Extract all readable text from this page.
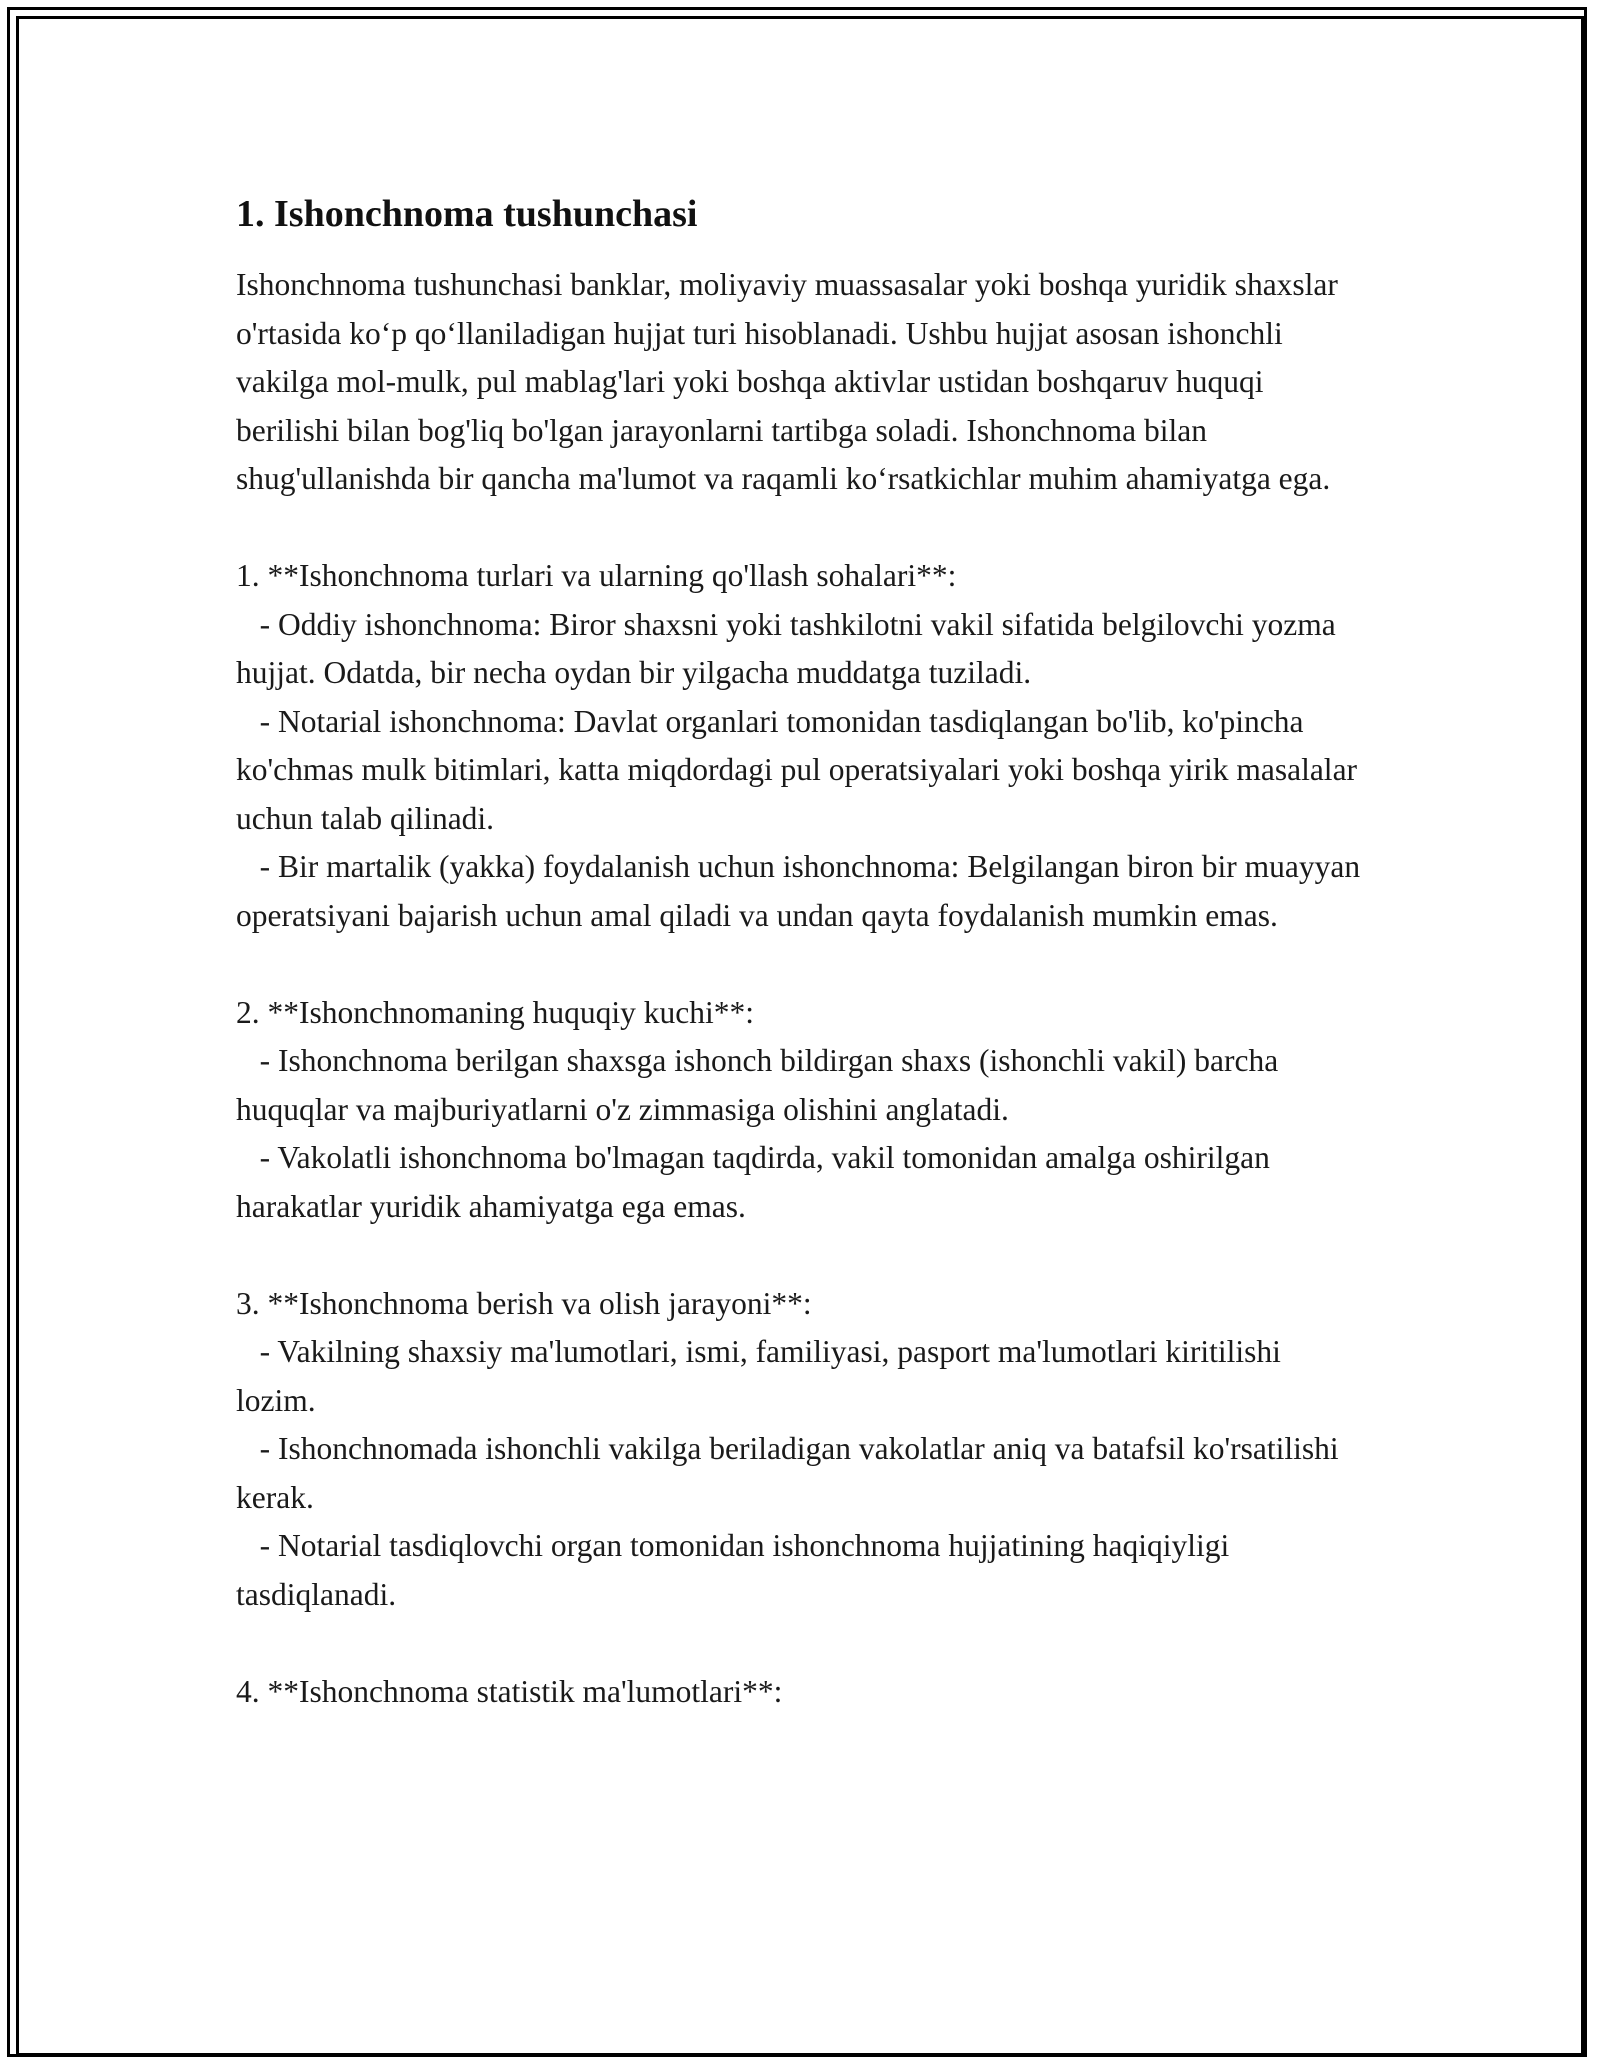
1. Ishonchnoma tushunchasi

Ishonchnoma tushunchasi banklar, moliyaviy muassasalar yoki boshqa yuridik shaxslar o'rtasida ko‘p qo‘llaniladigan hujjat turi hisoblanadi. Ushbu hujjat asosan ishonchli vakilga mol-mulk, pul mablag'lari yoki boshqa aktivlar ustidan boshqaruv huquqi berilishi bilan bog'liq bo'lgan jarayonlarni tartibga soladi. Ishonchnoma bilan shug'ullanishda bir qancha ma'lumot va raqamli ko‘rsatkichlar muhim ahamiyatga ega.

1. **Ishonchnoma turlari va ularning qo'llash sohalari**:

- Oddiy ishonchnoma: Biror shaxsni yoki tashkilotni vakil sifatida belgilovchi yozma hujjat. Odatda, bir necha oydan bir yilgacha muddatga tuziladi.

- Notarial ishonchnoma: Davlat organlari tomonidan tasdiqlangan bo'lib, ko'pincha ko'chmas mulk bitimlari, katta miqdordagi pul operatsiyalari yoki boshqa yirik masalalar uchun talab qilinadi.

- Bir martalik (yakka) foydalanish uchun ishonchnoma: Belgilangan biron bir muayyan operatsiyani bajarish uchun amal qiladi va undan qayta foydalanish mumkin emas.

2. **Ishonchnomaning huquqiy kuchi**:

- Ishonchnoma berilgan shaxsga ishonch bildirgan shaxs (ishonchli vakil) barcha huquqlar va majburiyatlarni o'z zimmasiga olishini anglatadi.

- Vakolatli ishonchnoma bo'lmagan taqdirda, vakil tomonidan amalga oshirilgan harakatlar yuridik ahamiyatga ega emas.

3. **Ishonchnoma berish va olish jarayoni**:

- Vakilning shaxsiy ma'lumotlari, ismi, familiyasi, pasport ma'lumotlari kiritilishi lozim.

- Ishonchnomada ishonchli vakilga beriladigan vakolatlar aniq va batafsil ko'rsatilishi kerak.

- Notarial tasdiqlovchi organ tomonidan ishonchnoma hujjatining haqiqiyligi tasdiqlanadi.

4. **Ishonchnoma statistik ma'lumotlari**:
